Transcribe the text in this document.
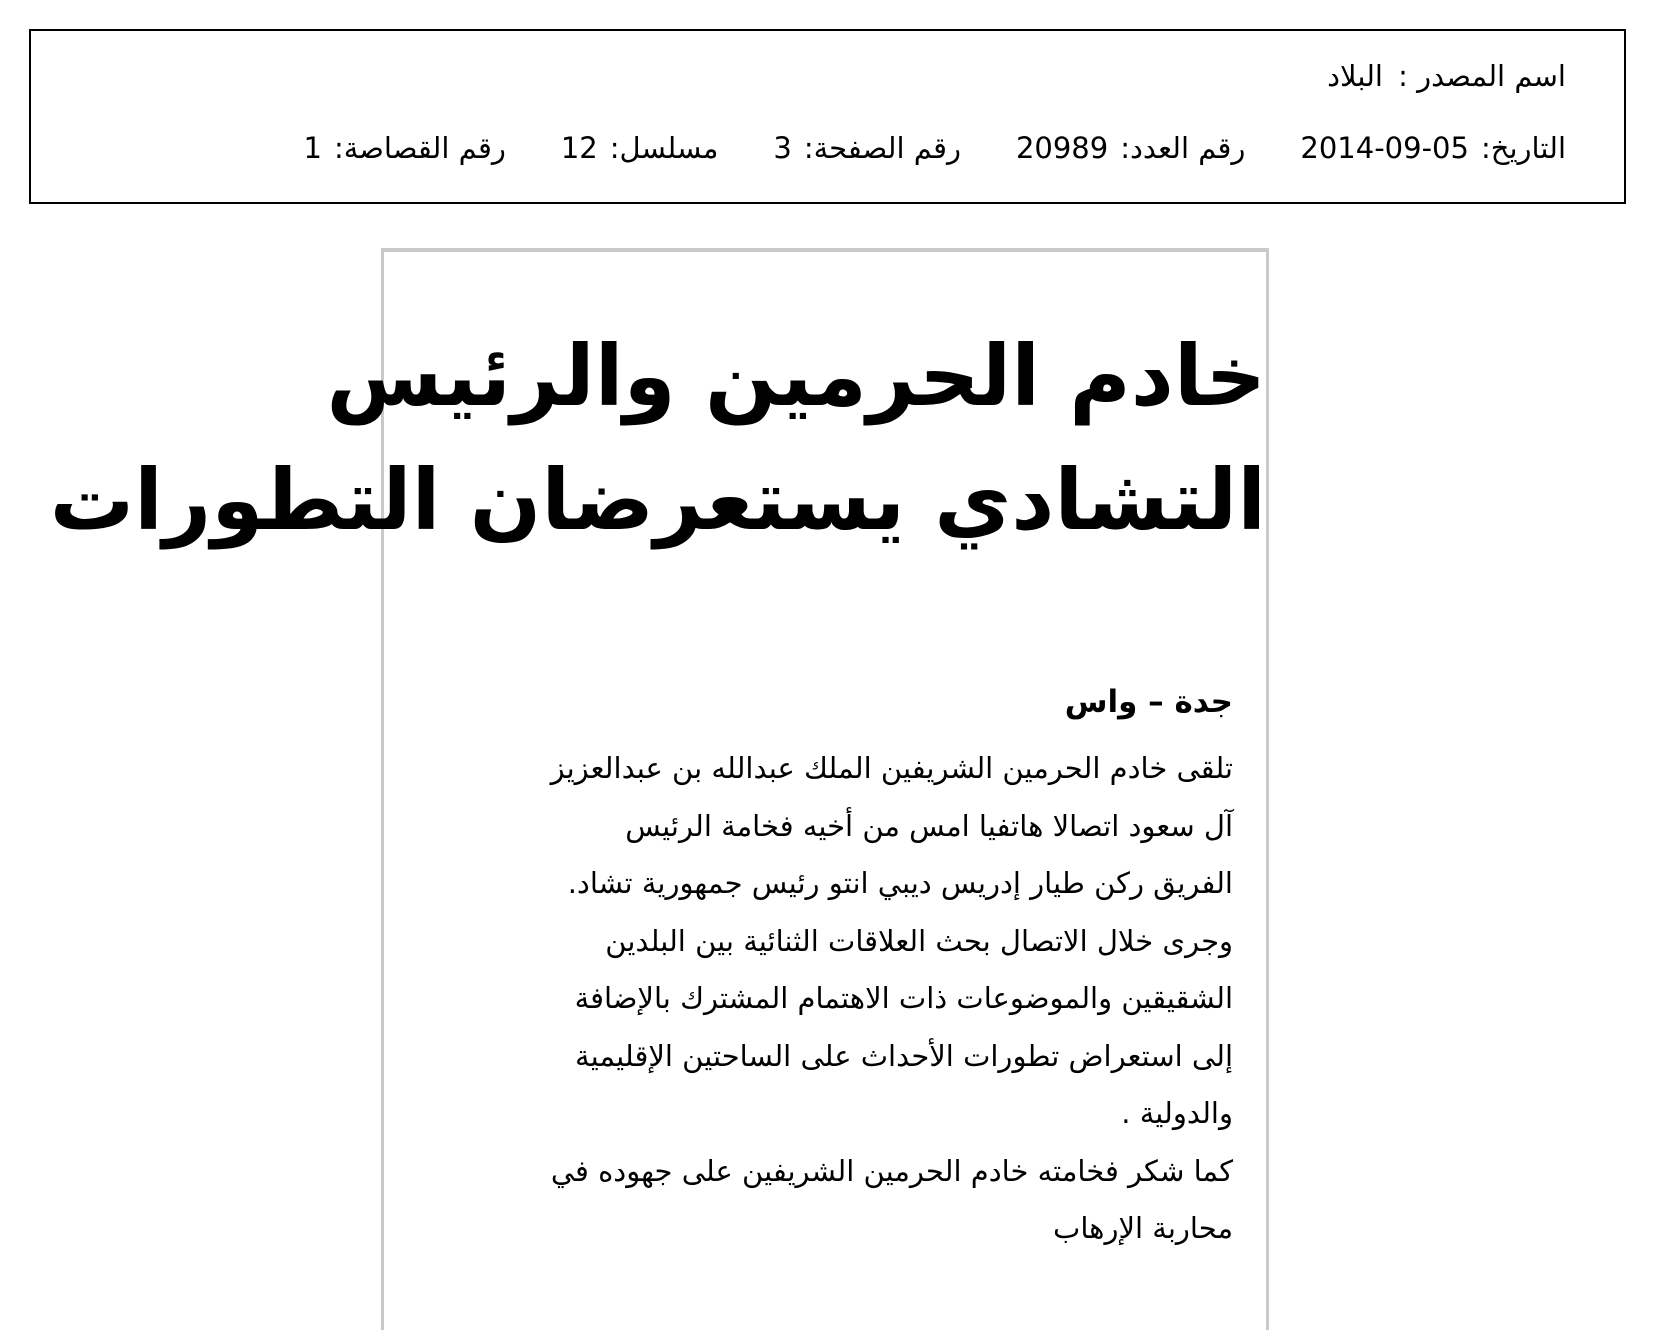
اسم المصدر :
البلاد
التاريخ:
2014-09-05
رقم العدد:
20989
رقم الصفحة:
3
مسلسل:
12
رقم القصاصة:
1
خادم الحرمين والرئيس
التشادي يستعرضان التطورات
جدة – واس
تلقى خادم الحرمين الشريفين الملك عبدالله بن عبدالعزيز
آل سعود اتصالا هاتفيا امس من أخيه فخامة الرئيس
الفريق ركن طيار إدريس ديبي انتو رئيس جمهورية تشاد.
وجرى خلال الاتصال بحث العلاقات الثنائية بين البلدين
الشقيقين والموضوعات ذات الاهتمام المشترك بالإضافة
إلى استعراض تطورات الأحداث على الساحتين الإقليمية
والدولية .
كما شكر فخامته خادم الحرمين الشريفين على جهوده في
محاربة الإرهاب
